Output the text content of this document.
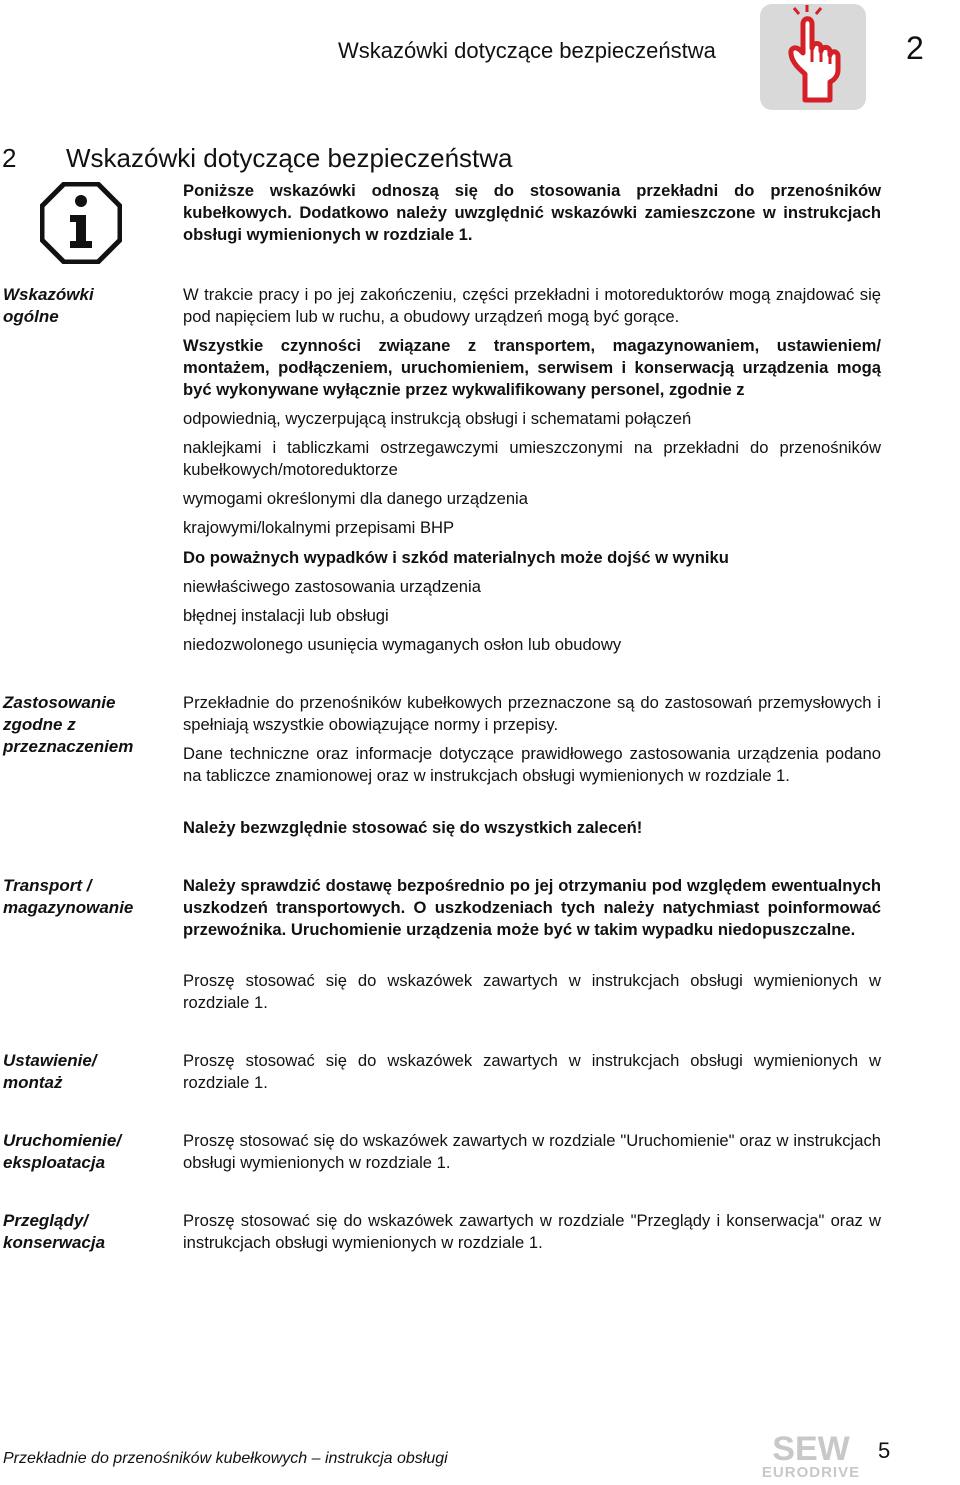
Wskazówki dotyczące bezpieczeństwa	2
2 Wskazówki dotyczące bezpieczeństwa
Poniższe wskazówki odnoszą się do stosowania przekładni do przenośników kubełkowych. Dodatkowo należy uwzględnić wskazówki zamieszczone w instrukcjach obsługi wymienionych w rozdziale 1.
Wskazówki ogólne
W trakcie pracy i po jej zakończeniu, części przekładni i motoreduktorów mogą znajdować się pod napięciem lub w ruchu, a obudowy urządzeń mogą być gorące.
Wszystkie czynności związane z transportem, magazynowaniem, ustawieniem/ montażem, podłączeniem, uruchomieniem, serwisem i konserwacją urządzenia mogą być wykonywane wyłącznie przez wykwalifikowany personel, zgodnie z
odpowiednią, wyczerpującą instrukcją obsługi i schematami połączeń
naklejkami i tabliczkami ostrzegawczymi umieszczonymi na przekładni do przenośników kubełkowych/motoreduktorze
wymogami określonymi dla danego urządzenia
krajowymi/lokalnymi przepisami BHP
Do poważnych wypadków i szkód materialnych może dojść w wyniku
niewłaściwego zastosowania urządzenia
błędnej instalacji lub obsługi
niedozwolonego usunięcia wymaganych osłon lub obudowy
Zastosowanie zgodne z przeznaczeniem
Przekładnie do przenośników kubełkowych przeznaczone są do zastosowań przemysłowych i spełniają wszystkie obowiązujące normy i przepisy.
Dane techniczne oraz informacje dotyczące prawidłowego zastosowania urządzenia podano na tabliczce znamionowej oraz w instrukcjach obsługi wymienionych w rozdziale 1.
Należy bezwzględnie stosować się do wszystkich zaleceń!
Transport / magazynowanie
Należy sprawdzić dostawę bezpośrednio po jej otrzymaniu pod względem ewentualnych uszkodzeń transportowych. O uszkodzeniach tych należy natychmiast poinformować przewoźnika. Uruchomienie urządzenia może być w takim wypadku niedopuszczalne.
Proszę stosować się do wskazówek zawartych w instrukcjach obsługi wymienionych w rozdziale 1.
Ustawienie/ montaż
Proszę stosować się do wskazówek zawartych w instrukcjach obsługi wymienionych w rozdziale 1.
Uruchomienie/ eksploatacja
Proszę stosować się do wskazówek zawartych w rozdziale "Uruchomienie" oraz w instrukcjach obsługi wymienionych w rozdziale 1.
Przeglądy/ konserwacja
Proszę stosować się do wskazówek zawartych w rozdziale "Przeglądy i konserwacja" oraz w instrukcjach obsługi wymienionych w rozdziale 1.
Przekładnie do przenośników kubełkowych – instrukcja obsługi	SEW
EURODRIVE
5
